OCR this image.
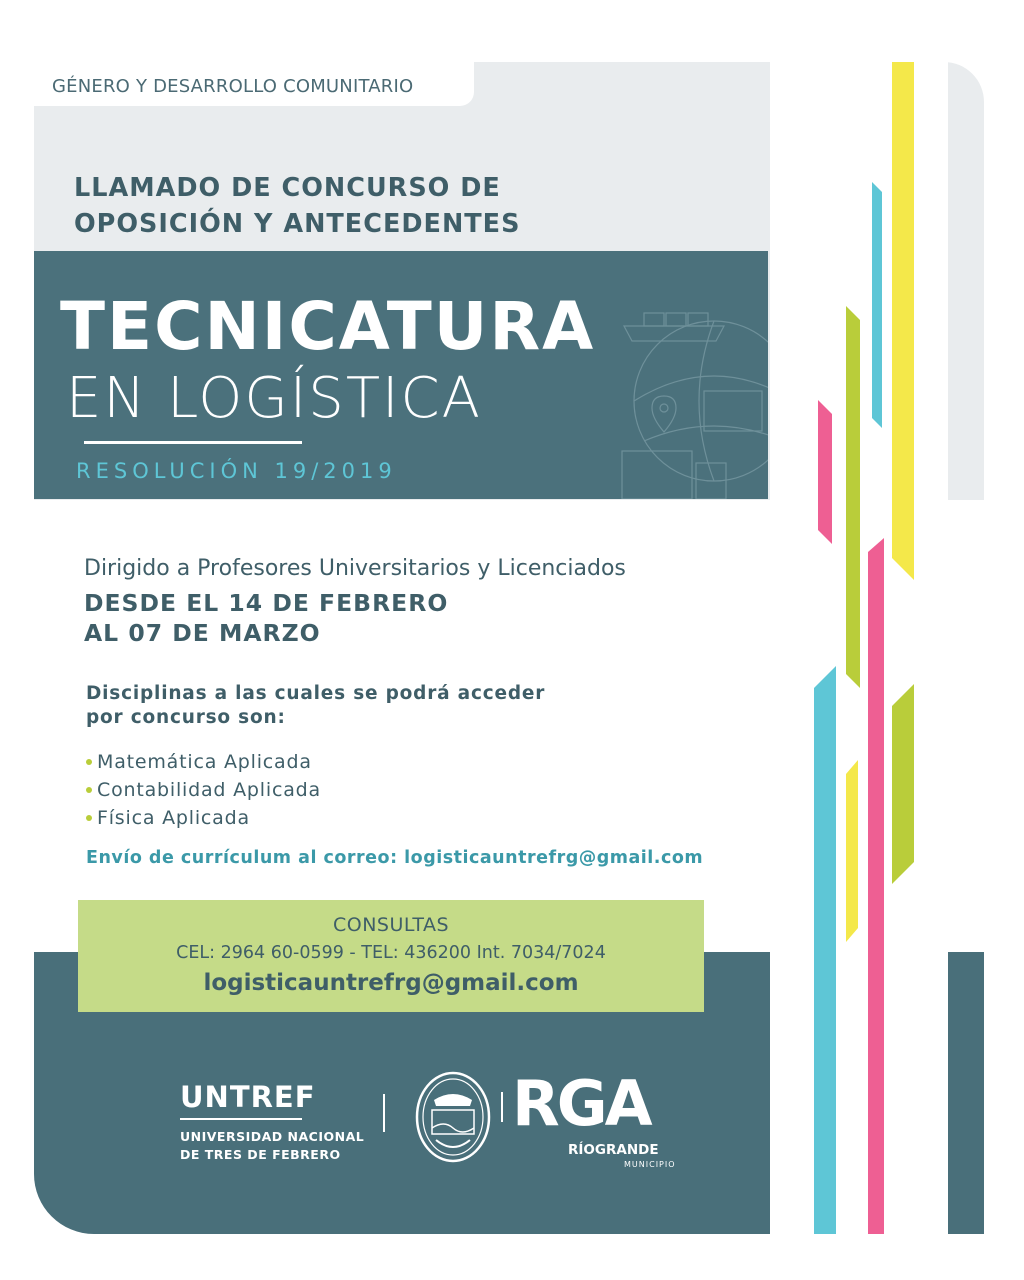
GÉNERO Y DESARROLLO COMUNITARIO
LLAMADO DE CONCURSO DE
OPOSICIÓN Y ANTECEDENTES
TECNICATURA
EN LOGÍSTICA
RESOLUCIÓN 19/2019
Dirigido a Profesores Universitarios y Licenciados
DESDE EL 14 DE FEBRERO
AL 07 DE MARZO
Disciplinas a las cuales se podrá acceder
por concurso son:
Matemática Aplicada
Contabilidad Aplicada
Física Aplicada
Envío de currículum al correo: logisticauntrefrg@gmail.com
CONSULTAS
CEL: 2964 60-0599 - TEL: 436200 Int. 7034/7024
logisticauntrefrg@gmail.com
UNTREF
UNIVERSIDAD NACIONAL
DE TRES DE FEBRERO
RGA
RÍOGRANDE
MUNICIPIO
